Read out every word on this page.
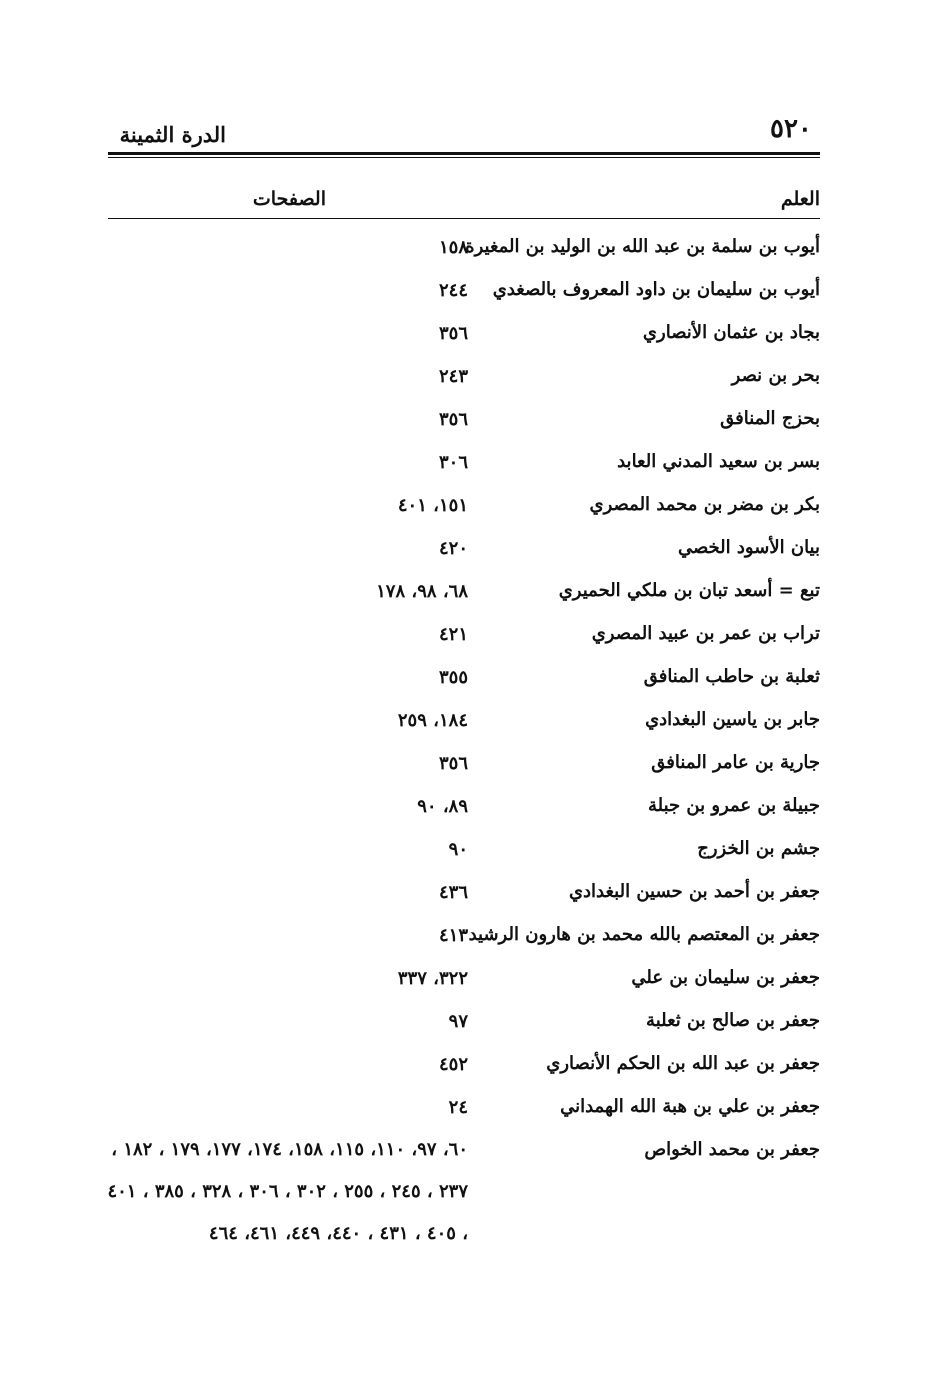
٥٢٠
الدرة الثمينة
العلم
الصفحات
أيوب بن سلمة بن عبد الله بن الوليد بن المغيرة
١٥٨
أيوب بن سليمان بن داود المعروف بالصغدي
٢٤٤
بجاد بن عثمان الأنصاري
٣٥٦
بحر بن نصر
٢٤٣
بحزج المنافق
٣٥٦
بسر بن سعيد المدني العابد
٣٠٦
بكر بن مضر بن محمد المصري
١٥١، ٤٠١
بيان الأسود الخصي
٤٢٠
تبع = أسعد تبان بن ملكي الحميري
٦٨، ٩٨، ١٧٨
تراب بن عمر بن عبيد المصري
٤٢١
ثعلبة بن حاطب المنافق
٣٥٥
جابر بن ياسين البغدادي
١٨٤، ٢٥٩
جارية بن عامر المنافق
٣٥٦
جبيلة بن عمرو بن جبلة
٨٩، ٩٠
جشم بن الخزرج
٩٠
جعفر بن أحمد بن حسين البغدادي
٤٣٦
جعفر بن المعتصم بالله محمد بن هارون الرشيد
٤١٣
جعفر بن سليمان بن علي
٣٢٢، ٣٣٧
جعفر بن صالح بن ثعلبة
٩٧
جعفر بن عبد الله بن الحكم الأنصاري
٤٥٢
جعفر بن علي بن هبة الله الهمداني
٢٤
جعفر بن محمد الخواص
٦٠، ٩٧، ١١٠، ١١٥، ١٥٨، ١٧٤، ١٧٧، ١٧٩ ، ١٨٢ ، ٢٣٧ ، ٢٤٥ ، ٢٥٥ ، ٣٠٢ ، ٣٠٦ ، ٣٢٨ ، ٣٨٥ ، ٤٠١ ، ٤٠٥ ، ٤٣١ ، ٤٤٠، ٤٤٩، ٤٦١، ٤٦٤
